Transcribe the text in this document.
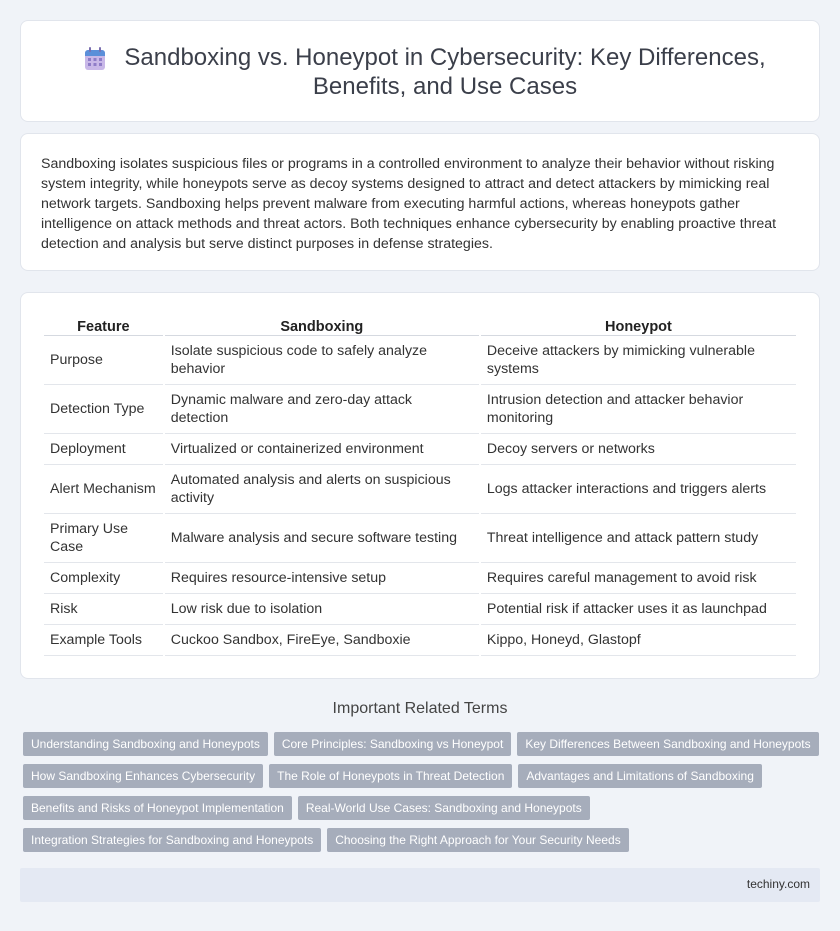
Sandboxing vs. Honeypot in Cybersecurity: Key Differences, Benefits, and Use Cases

Sandboxing isolates suspicious files or programs in a controlled environment to analyze their behavior without risking system integrity, while honeypots serve as decoy systems designed to attract and detect attackers by mimicking real network targets. Sandboxing helps prevent malware from executing harmful actions, whereas honeypots gather intelligence on attack methods and threat actors. Both techniques enhance cybersecurity by enabling proactive threat detection and analysis but serve distinct purposes in defense strategies.

Feature	Sandboxing	Honeypot
Purpose	Isolate suspicious code to safely analyze behavior	Deceive attackers by mimicking vulnerable systems
Detection Type	Dynamic malware and zero-day attack detection	Intrusion detection and attacker behavior monitoring
Deployment	Virtualized or containerized environment	Decoy servers or networks
Alert Mechanism	Automated analysis and alerts on suspicious activity	Logs attacker interactions and triggers alerts
Primary Use Case	Malware analysis and secure software testing	Threat intelligence and attack pattern study
Complexity	Requires resource-intensive setup	Requires careful management to avoid risk
Risk	Low risk due to isolation	Potential risk if attacker uses it as launchpad
Example Tools	Cuckoo Sandbox, FireEye, Sandboxie	Kippo, Honeyd, Glastopf
Important Related Terms
Understanding Sandboxing and Honeypots	Core Principles: Sandboxing vs Honeypot	Key Differences Between Sandboxing and Honeypots
How Sandboxing Enhances Cybersecurity	The Role of Honeypots in Threat Detection	Advantages and Limitations of Sandboxing
Benefits and Risks of Honeypot Implementation	Real-World Use Cases: Sandboxing and Honeypots
Integration Strategies for Sandboxing and Honeypots	Choosing the Right Approach for Your Security Needs
techiny.com
